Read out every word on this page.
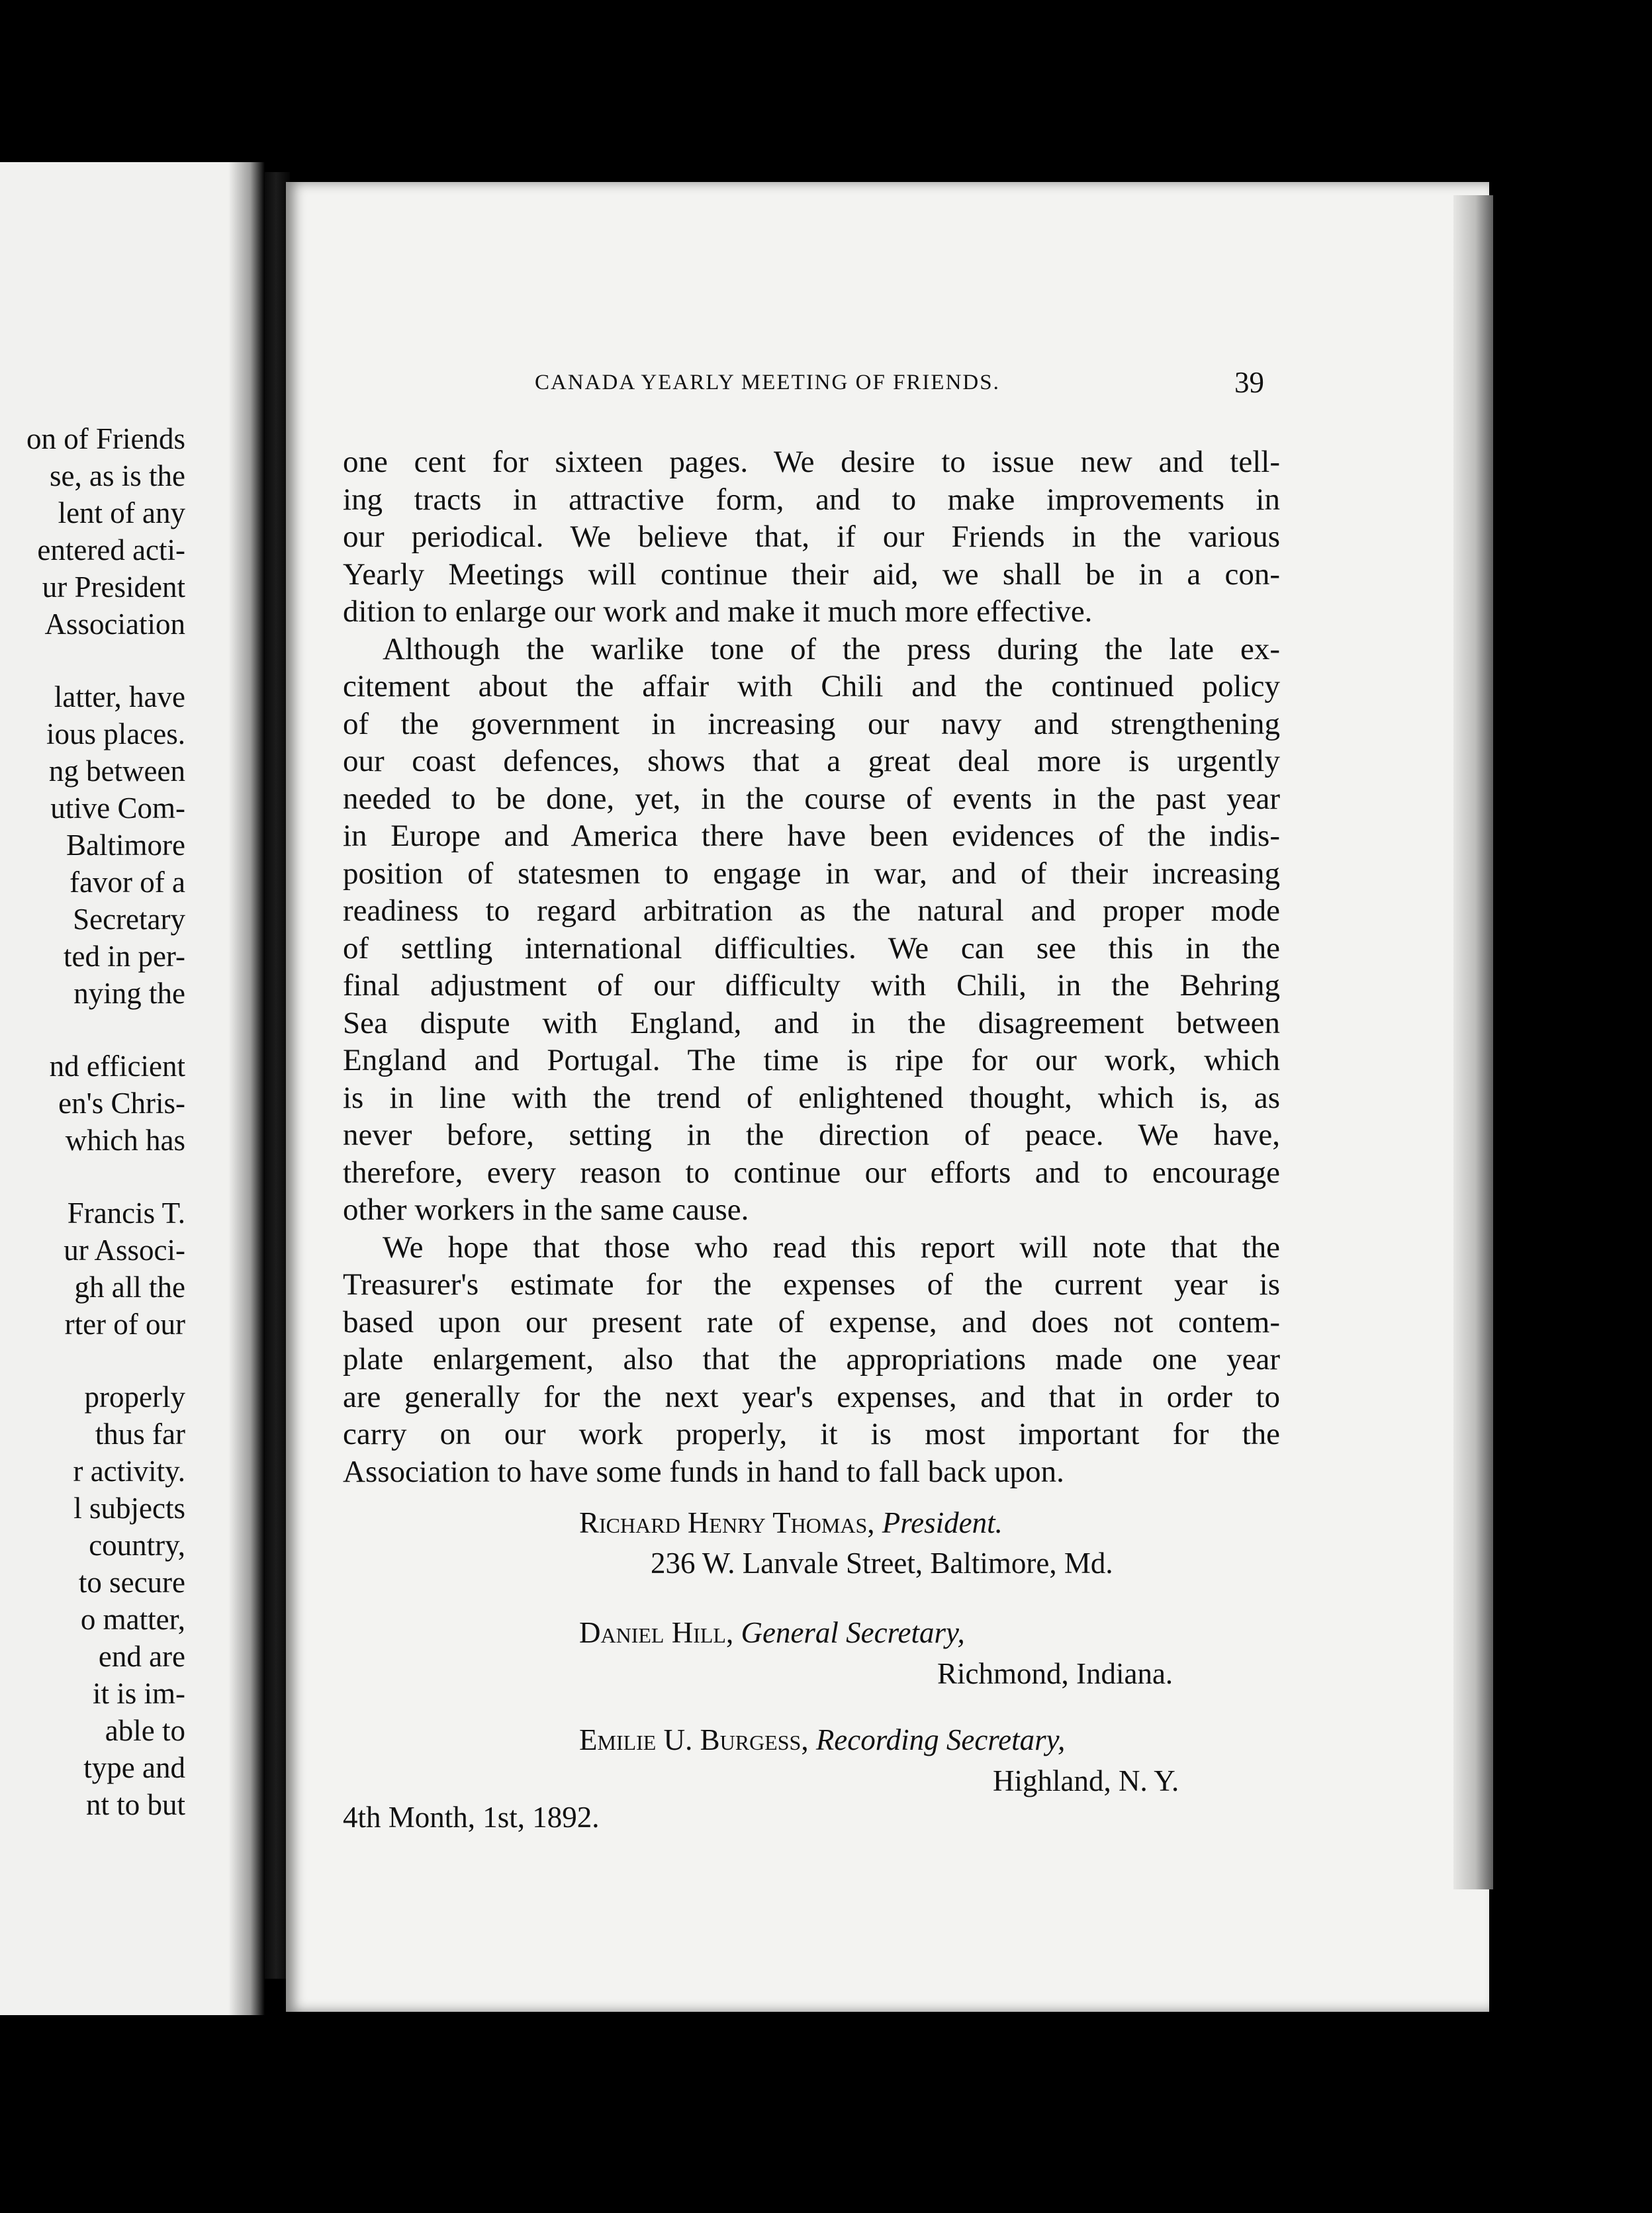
on of Friends
se, as is the
lent of any
entered acti-
ur President
Association
latter, have
ious places.
ng between
utive Com-
Baltimore
favor of a
Secretary
ted in per-
nying the
nd efficient
en's Chris-
which has
Francis T.
ur Associ-
gh all the
rter of our
properly
thus far
r activity.
l subjects
country,
to secure
o matter,
end are
it is im-
able to
type and
nt to but
CANADA YEARLY MEETING OF FRIENDS.	39
one cent for sixteen pages. We desire to issue new and tell-
ing tracts in attractive form, and to make improvements in
our periodical. We believe that, if our Friends in the various
Yearly Meetings will continue their aid, we shall be in a con-
dition to enlarge our work and make it much more effective.
Although the warlike tone of the press during the late ex-
citement about the affair with Chili and the continued policy
of the government in increasing our navy and strengthening
our coast defences, shows that a great deal more is urgently
needed to be done, yet, in the course of events in the past year
in Europe and America there have been evidences of the indis-
position of statesmen to engage in war, and of their increasing
readiness to regard arbitration as the natural and proper mode
of settling international difficulties. We can see this in the
final adjustment of our difficulty with Chili, in the Behring
Sea dispute with England, and in the disagreement between
England and Portugal. The time is ripe for our work, which
is in line with the trend of enlightened thought, which is, as
never before, setting in the direction of peace. We have,
therefore, every reason to continue our efforts and to encourage
other workers in the same cause.
We hope that those who read this report will note that the
Treasurer's estimate for the expenses of the current year is
based upon our present rate of expense, and does not contem-
plate enlargement, also that the appropriations made one year
are generally for the next year's expenses, and that in order to
carry on our work properly, it is most important for the
Association to have some funds in hand to fall back upon.
Richard Henry Thomas, President.
236 W. Lanvale Street, Baltimore, Md.
Daniel Hill, General Secretary,
Richmond, Indiana.
Emilie U. Burgess, Recording Secretary,
Highland, N. Y.
4th Month, 1st, 1892.
